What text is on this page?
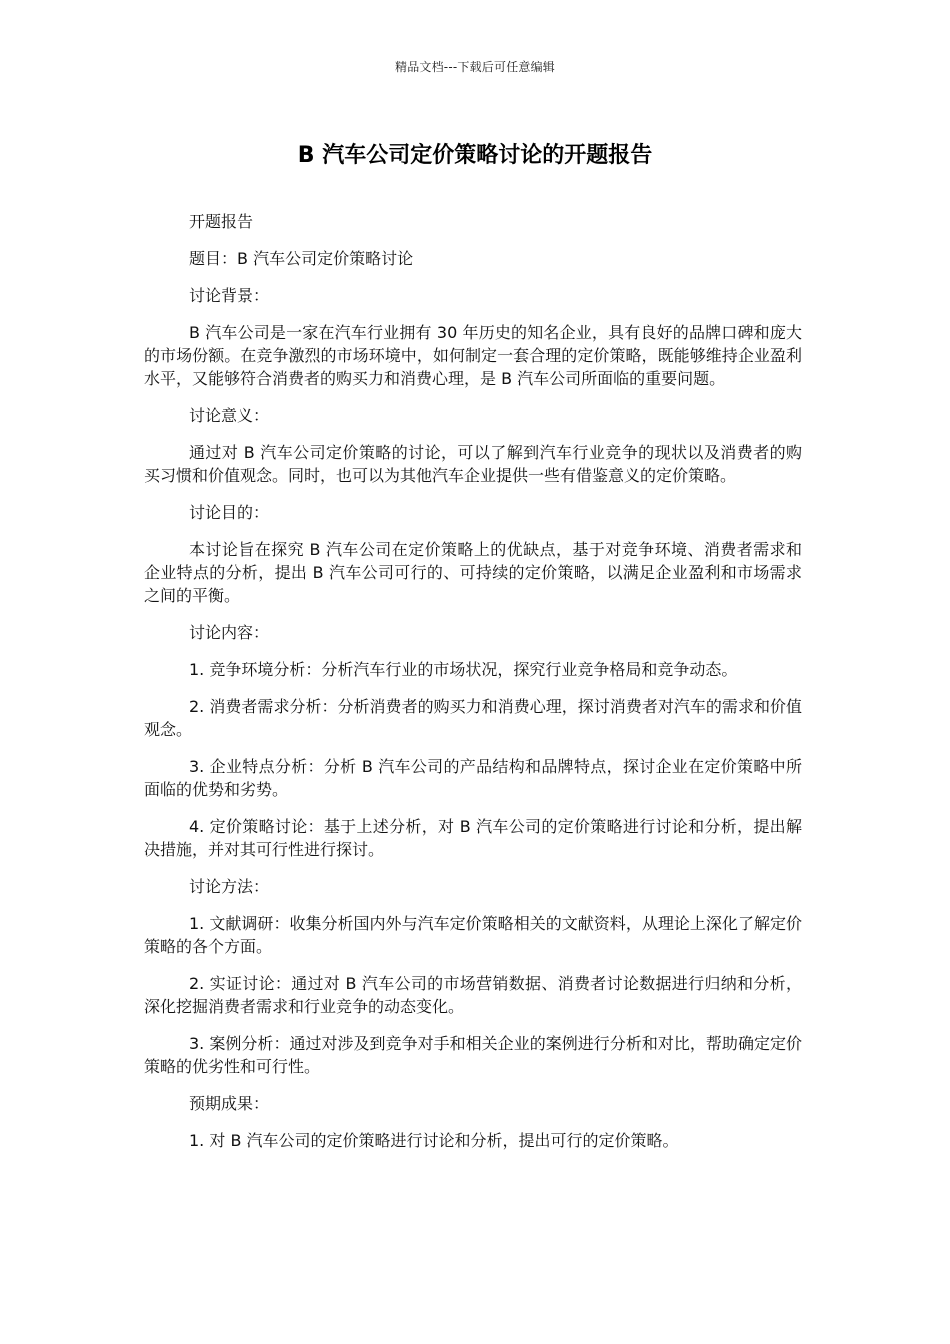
精品文档---下载后可任意编辑
B 汽车公司定价策略讨论的开题报告

开题报告

题目：B 汽车公司定价策略讨论

讨论背景：

B 汽车公司是一家在汽车行业拥有 30 年历史的知名企业，具有良好的品牌口碑和庞大的市场份额。在竞争激烈的市场环境中，如何制定一套合理的定价策略，既能够维持企业盈利水平，又能够符合消费者的购买力和消费心理，是 B 汽车公司所面临的重要问题。

讨论意义：

通过对 B 汽车公司定价策略的讨论，可以了解到汽车行业竞争的现状以及消费者的购买习惯和价值观念。同时，也可以为其他汽车企业提供一些有借鉴意义的定价策略。

讨论目的：

本讨论旨在探究 B 汽车公司在定价策略上的优缺点，基于对竞争环境、消费者需求和企业特点的分析，提出 B 汽车公司可行的、可持续的定价策略，以满足企业盈利和市场需求之间的平衡。

讨论内容：

1. 竞争环境分析：分析汽车行业的市场状况，探究行业竞争格局和竞争动态。

2. 消费者需求分析：分析消费者的购买力和消费心理，探讨消费者对汽车的需求和价值观念。

3. 企业特点分析：分析 B 汽车公司的产品结构和品牌特点，探讨企业在定价策略中所面临的优势和劣势。

4. 定价策略讨论：基于上述分析，对 B 汽车公司的定价策略进行讨论和分析，提出解决措施，并对其可行性进行探讨。

讨论方法：

1. 文献调研：收集分析国内外与汽车定价策略相关的文献资料，从理论上深化了解定价策略的各个方面。

2. 实证讨论：通过对 B 汽车公司的市场营销数据、消费者讨论数据进行归纳和分析，深化挖掘消费者需求和行业竞争的动态变化。

3. 案例分析：通过对涉及到竞争对手和相关企业的案例进行分析和对比，帮助确定定价策略的优劣性和可行性。

预期成果：

1. 对 B 汽车公司的定价策略进行讨论和分析，提出可行的定价策略。
